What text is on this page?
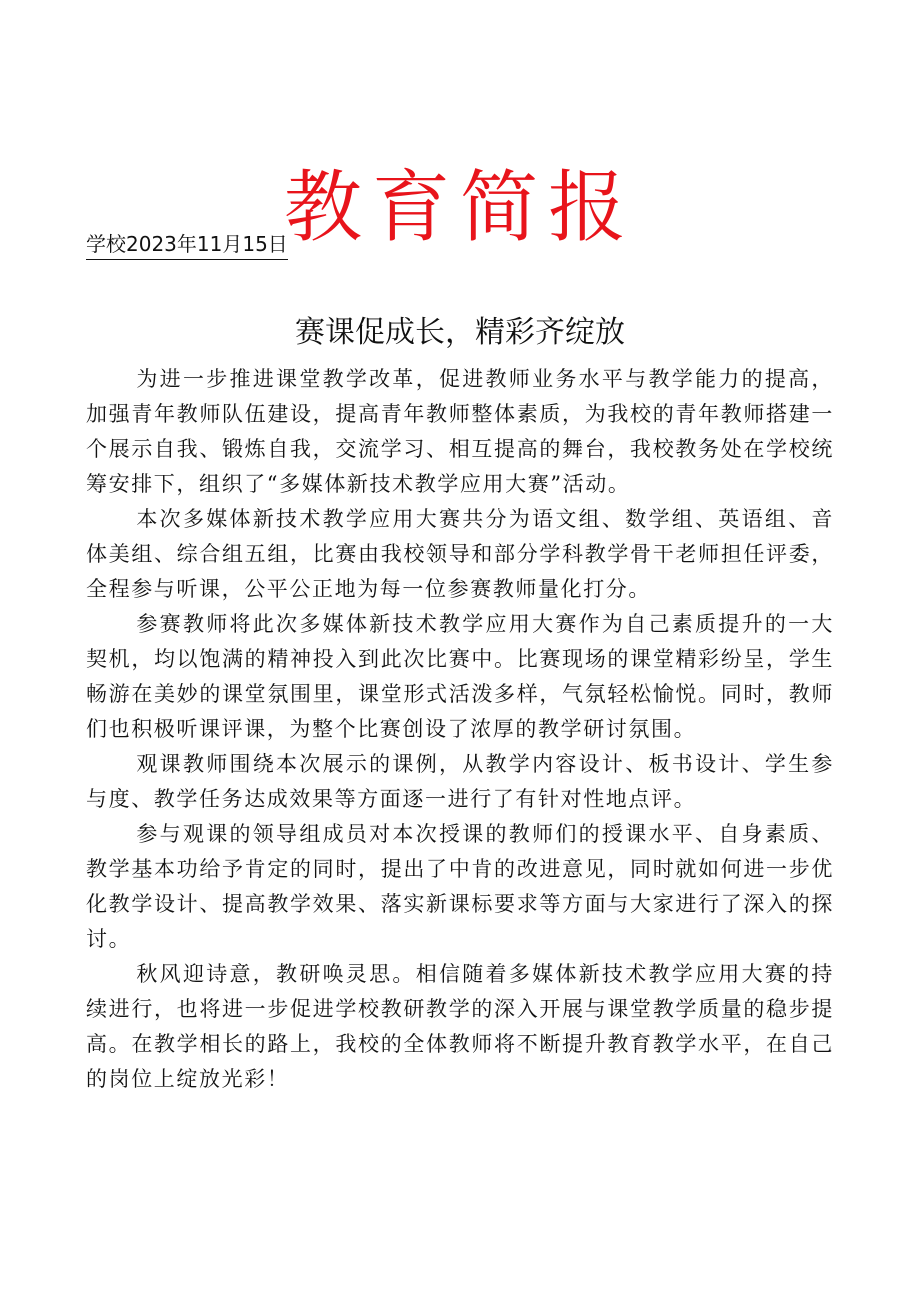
教育简报
学校2023年11月15日
赛课促成长，精彩齐绽放

为进一步推进课堂教学改革，促进教师业务水平与教学能力的提高，加强青年教师队伍建设，提高青年教师整体素质，为我校的青年教师搭建一个展示自我、锻炼自我，交流学习、相互提高的舞台，我校教务处在学校统筹安排下，组织了“多媒体新技术教学应用大赛”活动。

本次多媒体新技术教学应用大赛共分为语文组、数学组、英语组、音体美组、综合组五组，比赛由我校领导和部分学科教学骨干老师担任评委，全程参与听课，公平公正地为每一位参赛教师量化打分。

参赛教师将此次多媒体新技术教学应用大赛作为自己素质提升的一大契机，均以饱满的精神投入到此次比赛中。比赛现场的课堂精彩纷呈，学生畅游在美妙的课堂氛围里，课堂形式活泼多样，气氛轻松愉悦。同时，教师们也积极听课评课，为整个比赛创设了浓厚的教学研讨氛围。

观课教师围绕本次展示的课例，从教学内容设计、板书设计、学生参与度、教学任务达成效果等方面逐一进行了有针对性地点评。

参与观课的领导组成员对本次授课的教师们的授课水平、自身素质、教学基本功给予肯定的同时，提出了中肯的改进意见，同时就如何进一步优化教学设计、提高教学效果、落实新课标要求等方面与大家进行了深入的探讨。

秋风迎诗意，教研唤灵思。相信随着多媒体新技术教学应用大赛的持续进行，也将进一步促进学校教研教学的深入开展与课堂教学质量的稳步提高。在教学相长的路上，我校的全体教师将不断提升教育教学水平，在自己的岗位上绽放光彩！
